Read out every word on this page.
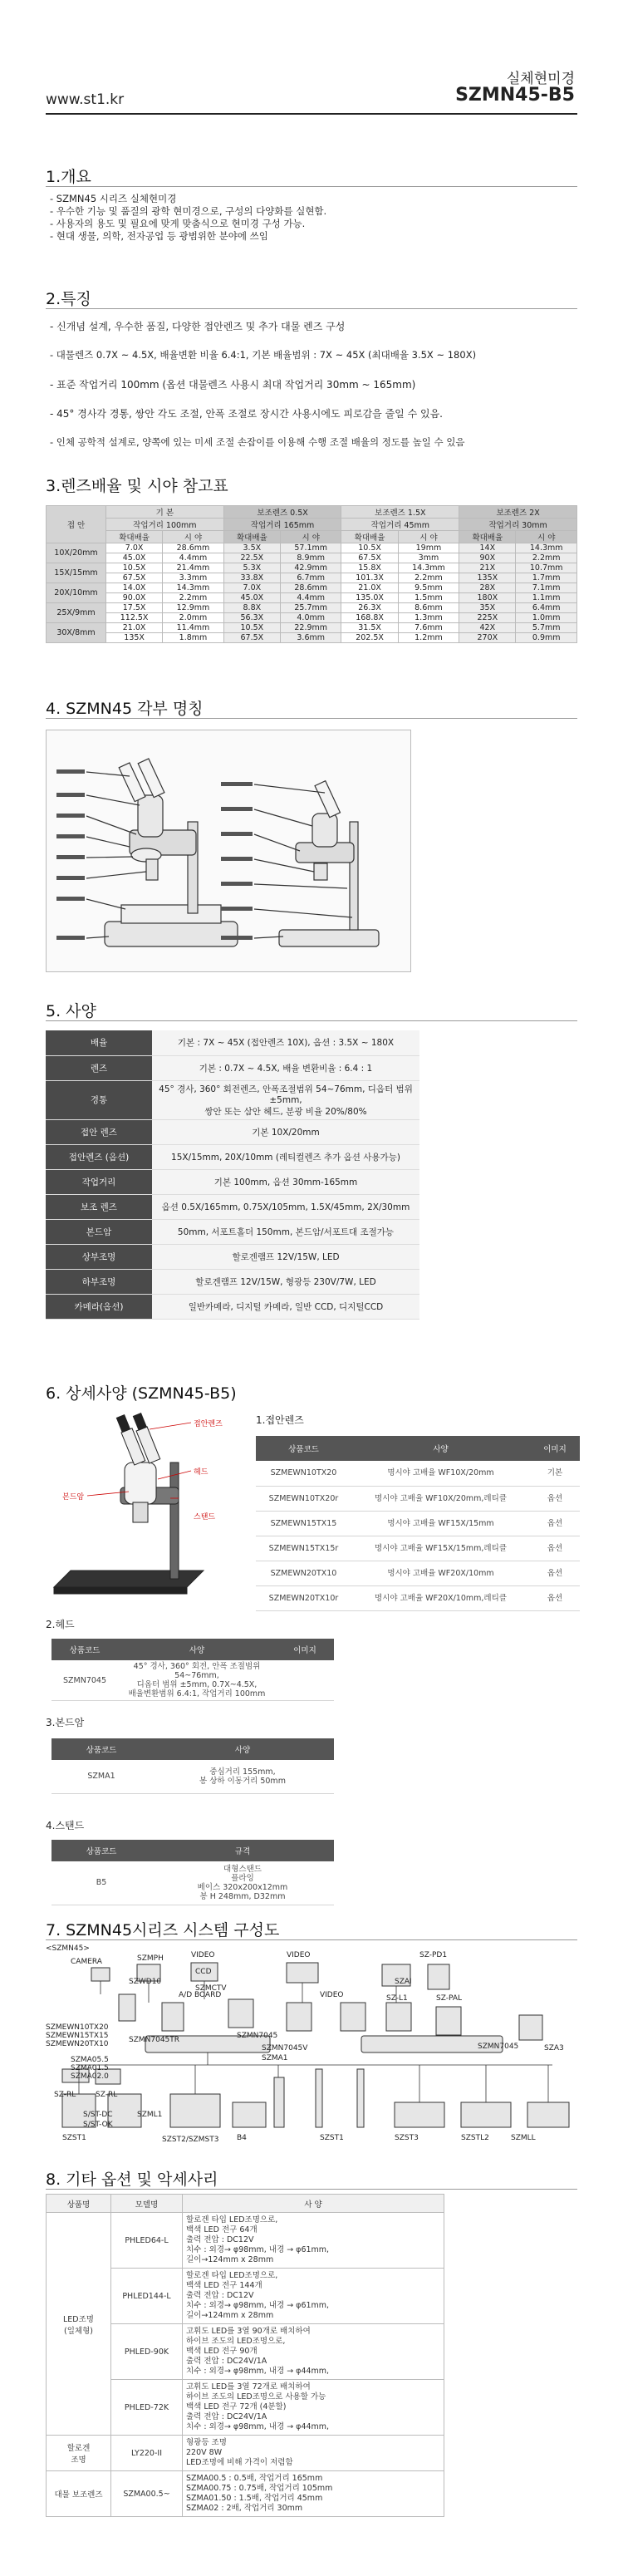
실체현미경
SZMN45-B5
www.st1.kr
1.개요
- SZMN45 시리즈 실체현미경
- 우수한 기능 및 품질의 광학 현미경으로, 구성의 다양화를 실현함.
- 사용자의 용도 및 필요에 맞게 맞춤식으로 현미경 구성 가능.
- 현대 생물, 의학, 전자공업 등 광범위한 분야에 쓰임
2.특징
- 신개념 설계, 우수한 품질, 다양한 접안렌즈 및 추가 대물 렌즈 구성
- 대물렌즈 0.7X ~ 4.5X, 배율변환 비율 6.4:1, 기본 배율범위 : 7X ~ 45X (최대배율 3.5X ~ 180X)
- 표준 작업거리 100mm (옵션 대물렌즈 사용시 최대 작업거리 30mm ~ 165mm)
- 45° 경사각 경통, 쌍안 각도 조절, 안폭 조절로 장시간 사용시에도 피로감을 줄일 수 있음.
- 인체 공학적 설계로, 양쪽에 있는 미세 조절 손잡이를 이용해 수행 조절 배율의 정도를 높일 수 있음
3.렌즈배율 및 시야 참고표
접 안	기 본		보조렌즈 0.5X		보조렌즈 1.5X		보조렌즈 2X	
	작업거리 100mm		작업거리 165mm		작업거리 45mm		작업거리 30mm	
	확대배율	시 야	확대배율	시 야	확대배율	시 야	확대배율	시 야
10X/20mm	7.0X	28.6mm	3.5X	57.1mm	10.5X	19mm	14X	14.3mm
	45.0X	4.4mm	22.5X	8.9mm	67.5X	3mm	90X	2.2mm
15X/15mm	10.5X	21.4mm	5.3X	42.9mm	15.8X	14.3mm	21X	10.7mm
	67.5X	3.3mm	33.8X	6.7mm	101.3X	2.2mm	135X	1.7mm
20X/10mm	14.0X	14.3mm	7.0X	28.6mm	21.0X	9.5mm	28X	7.1mm
	90.0X	2.2mm	45.0X	4.4mm	135.0X	1.5mm	180X	1.1mm
25X/9mm	17.5X	12.9mm	8.8X	25.7mm	26.3X	8.6mm	35X	6.4mm
	112.5X	2.0mm	56.3X	4.0mm	168.8X	1.3mm	225X	1.0mm
30X/8mm	21.0X	11.4mm	10.5X	22.9mm	31.5X	7.6mm	42X	5.7mm
	135X	1.8mm	67.5X	3.6mm	202.5X	1.2mm	270X	0.9mm
4. SZMN45 각부 명칭
5. 사양
배율	기본 : 7X ~ 45X (접안렌즈 10X), 옵션 : 3.5X ~ 180X
렌즈	기본 : 0.7X ~ 4.5X, 배율 변환비율 : 6.4 : 1
경통	45° 경사, 360° 회전렌즈, 안폭조절범위 54~76mm, 디옵터 범위 ±5mm,
쌍안 또는 삼안 헤드, 분광 비율 20%/80%
접안 렌즈	기본 10X/20mm
접안렌즈 (옵션)	15X/15mm, 20X/10mm (레티컬렌즈 추가 옵션 사용가능)
작업거리	기본 100mm, 옵션 30mm-165mm
보조 렌즈	옵션 0.5X/165mm, 0.75X/105mm, 1.5X/45mm, 2X/30mm
본드암	50mm, 서포트홀더 150mm, 본드암/서포트대 조절가능
상부조명	할로겐램프 12V/15W, LED
하부조명	할로겐램프 12V/15W, 형광등 230V/7W, LED
카메라(옵션)	일반카메라, 디지털 카메라, 일반 CCD, 디지털CCD
6. 상세사양 (SZMN45-B5)
접안렌즈
헤드
본드암
스탠드
1.접안렌즈
상품코드	사양	이미지
SZMEWN10TX20	명시야 고배율 WF10X/20mm	기본
SZMEWN10TX20r	명시야 고배율 WF10X/20mm,레티클	옵션
SZMEWN15TX15	명시야 고배율 WF15X/15mm	옵션
SZMEWN15TX15r	명시야 고배율 WF15X/15mm,레티클	옵션
SZMEWN20TX10	명시야 고배율 WF20X/10mm	옵션
SZMEWN20TX10r	명시야 고배율 WF20X/10mm,레티클	옵션
2.헤드
상품코드	사양	이미지
SZMN7045	45° 경사, 360° 회전, 안폭 조절범위 54~76mm,
디옵터 범위 ±5mm, 0.7X~4.5X,
배율변환범위 6.4:1, 작업거리 100mm	
3.본드암
상품코드	사양
SZMA1	중심거리 155mm,
봉 상하 이동거리 50mm
4.스탠드
상품코드	규격
B5	대형스탠드
플라잉
베이스 320x200x12mm
봉 H 248mm, D32mm
7. SZMN45시리즈 시스템 구성도
<SZMN45>
CAMERA	SZMPH	VIDEO	VIDEO	SZ-PD1
SZMEWN10TX20
SZMEWN15TX15
SZMEWN20TX10	SZMN7045TR	SZMN7045
A/D BOARD	VIDEO	SZ-L1	SZ-PAL
SZMN7045V
SZMCTV
CCD
SZMA1
SZMA05.5
SZMA01.5
SZMA02.0
SZMN7045	SZA3
SZ-RL	SZ-RL
S/ST-DC
S/ST-OK
SZML1
SZST1	SZST2/SZMST3 B4	SZST1	SZST3	SZSTL2	SZMLL
SZWD10	SZAI
8. 기타 옵션 및 악세사리
상품명	모델명	사 양
LED조명
(일체형)	PHLED64-L	할로겐 타입 LED조명으로,
백색 LED 전구 64개
출력 전압 : DC12V
치수 : 외경→ φ98mm, 내경 → φ61mm,
길이→124mm x 28mm
	PHLED144-L	할로겐 타입 LED조명으로,
백색 LED 전구 144개
출력 전압 : DC12V
치수 : 외경→ φ98mm, 내경 → φ61mm,
길이→124mm x 28mm
	PHLED-90K	고휘도 LED를 3열 90개로 배치하여
하이브 조도의 LED조명으로,
백색 LED 전구 90개
출력 전압 : DC24V/1A
치수 : 외경→ φ98mm, 내경 → φ44mm,
	PHLED-72K	고휘도 LED를 3열 72개로 배치하여
하이브 조도의 LED조명으로 사용할 가능
백색 LED 전구 72개 (4분할)
출력 전압 : DC24V/1A
치수 : 외경→ φ98mm, 내경 → φ44mm,
할로겐
조명	LY220-II	형광등 조명
220V 8W
LED조명에 비해 가격이 저렴함
대물 보조렌즈	SZMA00.5~	SZMA00.5 : 0.5배, 작업거리 165mm
SZMA00.75 : 0.75배, 작업거리 105mm
SZMA01.50 : 1.5배, 작업거리 45mm
SZMA02 : 2배, 작업거리 30mm
